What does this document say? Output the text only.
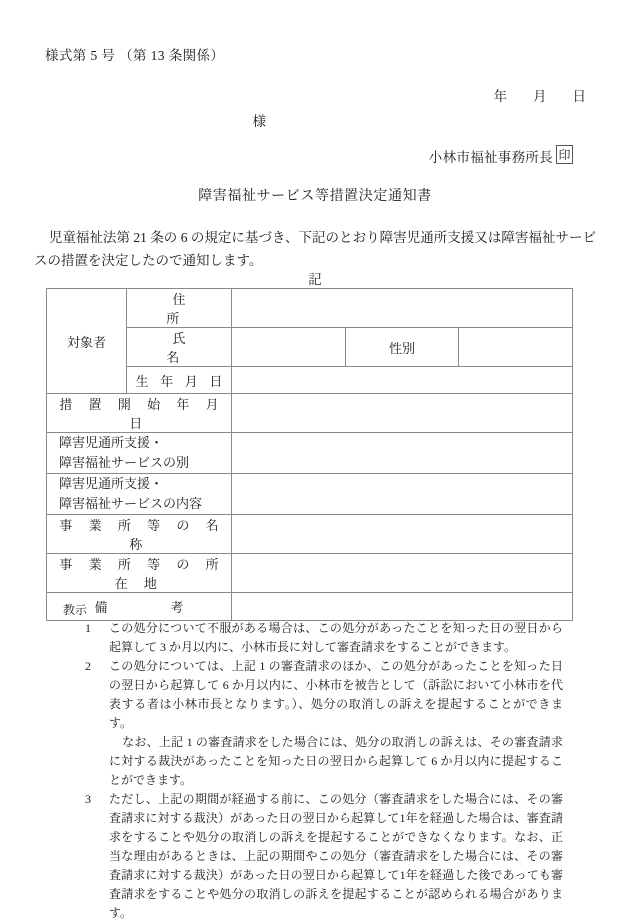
様式第 5 号 （第 13 条関係）
年 月 日
様
小林市福祉事務所長 印
障害福祉サービス等措置決定通知書
児童福祉法第 21 条の 6 の規定に基づき、下記のとおり障害児通所支援又は障害福祉サービスの措置を決定したので通知します。
記
対象者	住　　所			

	氏　　名		性別	

	生 年 月 日			

措 置 開 始 年 月 日				

障害児通所支援・
障害福祉サービスの別				

障害児通所支援・
障害福祉サービスの内容				

事 業 所 等 の 名 称				

事 業 所 等 の 所 在 地				

備　　考				

教示
1	この処分について不服がある場合は、この処分があったことを知った日の翌日から起算して 3 か月以内に、小林市長に対して審査請求をすることができます。
2	この処分については、上記 1 の審査請求のほか、この処分があったことを知った日の翌日から起算して 6 か月以内に、小林市を被告として（訴訟において小林市を代表する者は小林市長となります。）、処分の取消しの訴えを提起することができます。
なお、上記 1 の審査請求をした場合には、処分の取消しの訴えは、その審査請求に対する裁決があったことを知った日の翌日から起算して 6 か月以内に提起することができます。
3	ただし、上記の期間が経過する前に、この処分（審査請求をした場合には、その審査請求に対する裁決）があった日の翌日から起算して1年を経過した場合は、審査請求をすることや処分の取消しの訴えを提起することができなくなります。なお、正当な理由があるときは、上記の期間やこの処分（審査請求をした場合には、その審査請求に対する裁決）があった日の翌日から起算して1年を経過した後であっても審査請求をすることや処分の取消しの訴えを提起することが認められる場合があります。
